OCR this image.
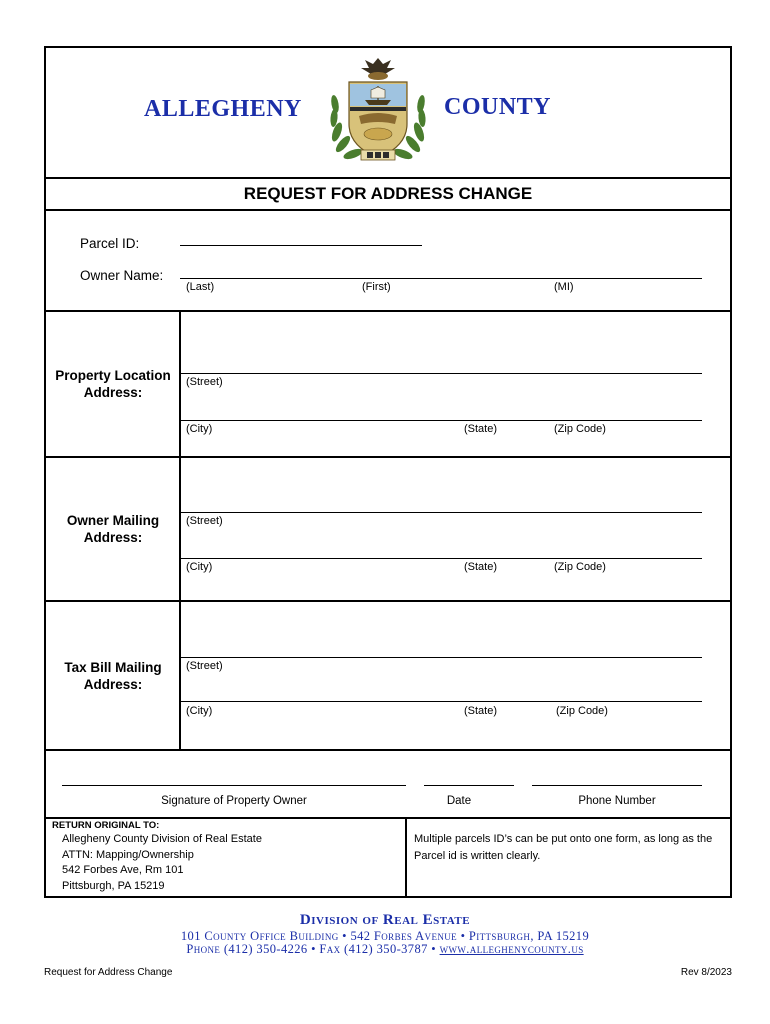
ALLEGHENY	COUNTY
REQUEST FOR ADDRESS CHANGE
Parcel ID:
Owner Name:
(Last)	(First)	(MI)
Property Location
Address:
(Street)
(City)	(State)	(Zip Code)
Owner Mailing
Address:
(Street)
(City)	(State)	(Zip Code)
Tax Bill Mailing
Address:
(Street)
(City)	(State)	(Zip Code)
Signature of Property Owner	Date	Phone Number
RETURN ORIGINAL TO:
Allegheny County Division of Real Estate
ATTN: Mapping/Ownership
542 Forbes Ave, Rm 101
Pittsburgh, PA 15219
Multiple parcels ID’s can be put onto one form, as long as the Parcel id is written clearly.
Division of Real Estate
101 County Office Building • 542 Forbes Avenue • Pittsburgh, PA 15219
Phone (412) 350-4226 • Fax (412) 350-3787 • www.alleghenycounty.us
Request for Address Change	Rev 8/2023
